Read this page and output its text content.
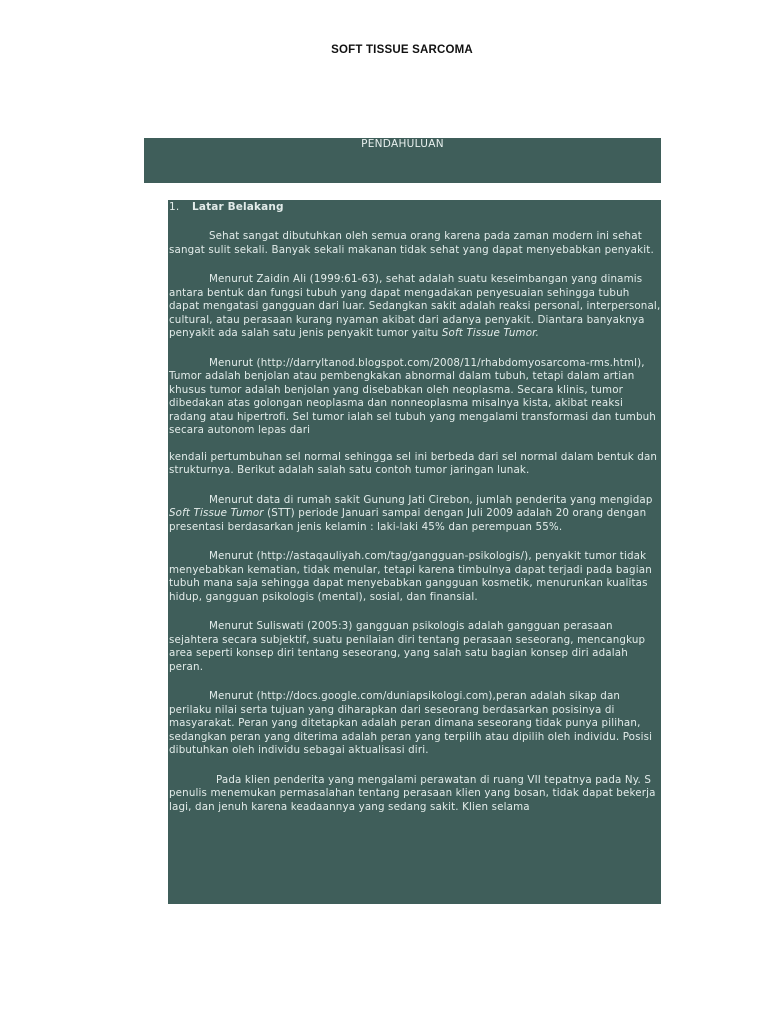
SOFT TISSUE SARCOMA
PENDAHULUAN
1. Latar Belakang

Sehat sangat dibutuhkan oleh semua orang karena pada zaman modern ini sehat sangat sulit sekali. Banyak sekali makanan tidak sehat yang dapat menyebabkan penyakit.

Menurut Zaidin Ali (1999:61-63), sehat adalah suatu keseimbangan yang dinamis antara bentuk dan fungsi tubuh yang dapat mengadakan penyesuaian sehingga tubuh dapat mengatasi gangguan dari luar. Sedangkan sakit adalah reaksi personal, interpersonal, cultural, atau perasaan kurang nyaman akibat dari adanya penyakit. Diantara banyaknya penyakit ada salah satu jenis penyakit tumor yaitu Soft Tissue Tumor.

Menurut (http://darryltanod.blogspot.com/2008/11/rhabdomyosarcoma-rms.html), Tumor adalah benjolan atau pembengkakan abnormal dalam tubuh, tetapi dalam artian khusus tumor adalah benjolan yang disebabkan oleh neoplasma. Secara klinis, tumor dibedakan atas golongan neoplasma dan nonneoplasma misalnya kista, akibat reaksi radang atau hipertrofi. Sel tumor ialah sel tubuh yang mengalami transformasi dan tumbuh secara autonom lepas dari

kendali pertumbuhan sel normal sehingga sel ini berbeda dari sel normal dalam bentuk dan strukturnya. Berikut adalah salah satu contoh tumor jaringan lunak.

Menurut data di rumah sakit Gunung Jati Cirebon, jumlah penderita yang mengidap Soft Tissue Tumor (STT) periode Januari sampai dengan Juli 2009 adalah 20 orang dengan presentasi berdasarkan jenis kelamin : laki-laki 45% dan perempuan 55%.

Menurut (http://astaqauliyah.com/tag/gangguan-psikologis/), penyakit tumor tidak menyebabkan kematian, tidak menular, tetapi karena timbulnya dapat terjadi pada bagian tubuh mana saja sehingga dapat menyebabkan gangguan kosmetik, menurunkan kualitas hidup, gangguan psikologis (mental), sosial, dan finansial.

Menurut Suliswati (2005:3) gangguan psikologis adalah gangguan perasaan sejahtera secara subjektif, suatu penilaian diri tentang perasaan seseorang, mencangkup area seperti konsep diri tentang seseorang, yang salah satu bagian konsep diri adalah peran.

Menurut (http://docs.google.com/duniapsikologi.com),peran adalah sikap dan perilaku nilai serta tujuan yang diharapkan dari seseorang berdasarkan posisinya di masyarakat. Peran yang ditetapkan adalah peran dimana seseorang tidak punya pilihan, sedangkan peran yang diterima adalah peran yang terpilih atau dipilih oleh individu. Posisi dibutuhkan oleh individu sebagai aktualisasi diri.

Pada klien penderita yang mengalami perawatan di ruang VII tepatnya pada Ny. S penulis menemukan permasalahan tentang perasaan klien yang bosan, tidak dapat bekerja lagi, dan jenuh karena keadaannya yang sedang sakit. Klien selama
